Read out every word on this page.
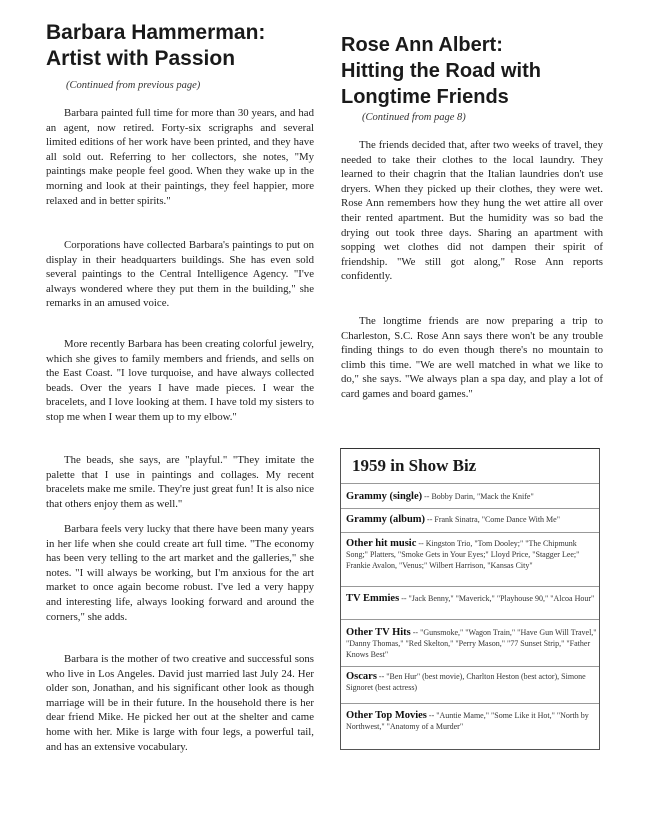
Barbara Hammerman:
Artist with Passion
(Continued from previous page)

Barbara painted full time for more than 30 years, and had an agent, now retired. Forty-six scrigraphs and several limited editions of her work have been printed, and they have all sold out. Referring to her collectors, she notes, "My paintings make people feel good. When they wake up in the morning and look at their paintings, they feel happier, more relaxed and in better spirits."

Corporations have collected Barbara's paintings to put on display in their headquarters buildings. She has even sold several paintings to the Central Intelligence Agency. "I've always wondered where they put them in the building," she remarks in an amused voice.

More recently Barbara has been creating colorful jewelry, which she gives to family members and friends, and sells on the East Coast. "I love turquoise, and have always collected beads. Over the years I have made pieces. I wear the bracelets, and I love looking at them. I have told my sisters to stop me when I wear them up to my elbow."

The beads, she says, are "playful." "They imitate the palette that I use in paintings and collages. My recent bracelets make me smile. They're just great fun! It is also nice that others enjoy them as well."

Barbara feels very lucky that there have been many years in her life when she could create art full time. "The economy has been very telling to the art market and the galleries," she notes. "I will always be working, but I'm anxious for the art market to once again become robust. I've led a very happy and interesting life, always looking forward and around the corners," she adds.

Barbara is the mother of two creative and successful sons who live in Los Angeles. David just married last July 24. Her older son, Jonathan, and his significant other look as though marriage will be in their future. In the household there is her dear friend Mike. He picked her out at the shelter and came home with her. Mike is large with four legs, a powerful tail, and has an extensive vocabulary.

Rose Ann Albert:
Hitting the Road with
Longtime Friends
(Continued from page 8)

The friends decided that, after two weeks of travel, they needed to take their clothes to the local laundry. They learned to their chagrin that the Italian laundries don't use dryers. When they picked up their clothes, they were wet. Rose Ann remembers how they hung the wet attire all over their rented apartment. But the humidity was so bad the drying out took three days. Sharing an apartment with sopping wet clothes did not dampen their spirit of friendship. "We still got along," Rose Ann reports confidently.

The longtime friends are now preparing a trip to Charleston, S.C. Rose Ann says there won't be any trouble finding things to do even though there's no mountain to climb this time. "We are well matched in what we like to do," she says. "We always plan a spa day, and play a lot of card games and board games."

1959 in Show Biz

Grammy (single) -- Bobby Darin, "Mack the Knife"

Grammy (album) -- Frank Sinatra, "Come Dance With Me"

Other hit music -- Kingston Trio, "Tom Dooley;" "The Chipmunk Song;" Platters, "Smoke Gets in Your Eyes;" Lloyd Price, "Stagger Lee;" Frankie Avalon, "Venus;" Wilbert Harrison, "Kansas City"

TV Emmies -- "Jack Benny," "Maverick," "Playhouse 90," "Alcoa Hour"

Other TV Hits -- "Gunsmoke," "Wagon Train," "Have Gun Will Travel," "Danny Thomas," "Red Skelton," "Perry Mason," "77 Sunset Strip," "Father Knows Best"

Oscars -- "Ben Hur" (best movie), Charlton Heston (best actor), Simone Signoret (best actress)

Other Top Movies -- "Auntie Mame," "Some Like it Hot," "North by Northwest," "Anatomy of a Murder"
